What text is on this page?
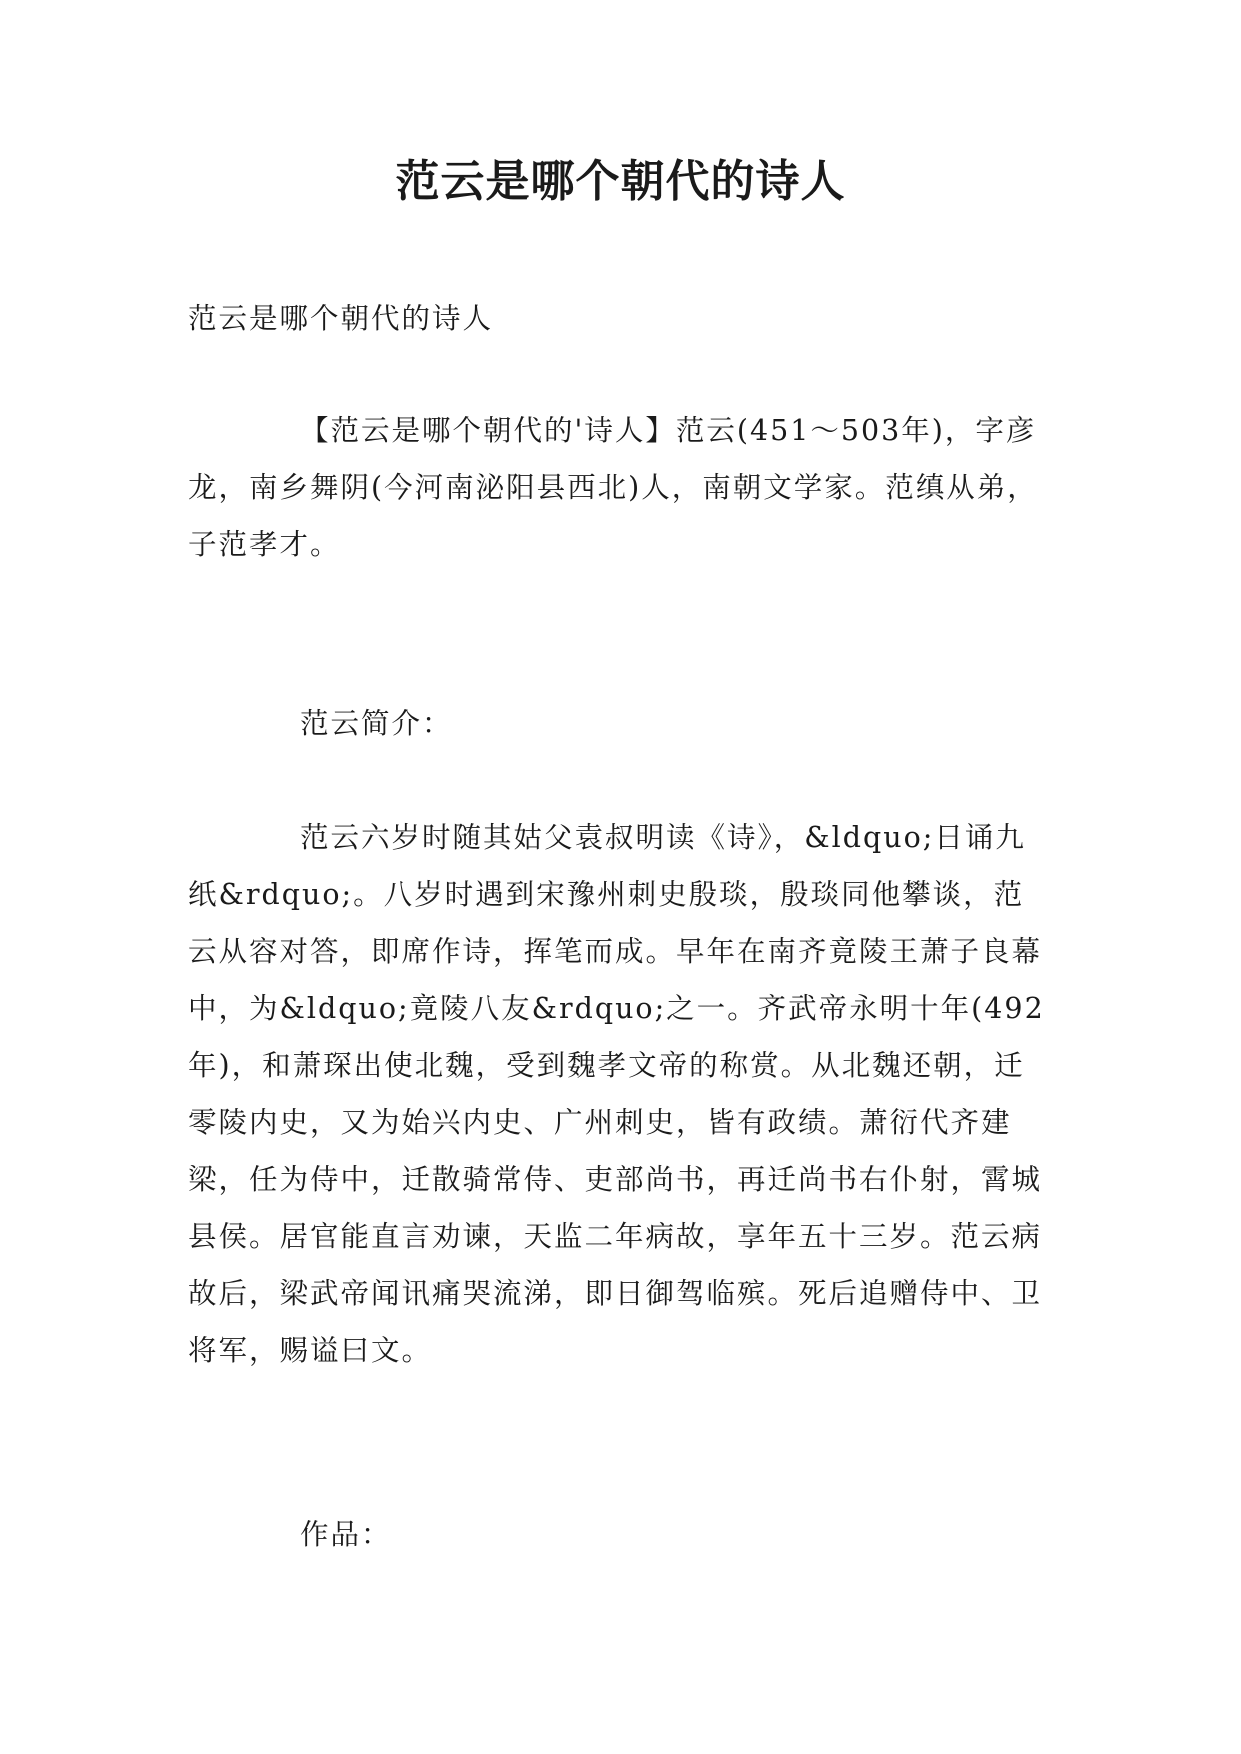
范云是哪个朝代的诗人

范云是哪个朝代的诗人

【范云是哪个朝代的'诗人】范云(451～503年)，字彦龙，南乡舞阴(今河南泌阳县西北)人，南朝文学家。范缜从弟，子范孝才。

范云简介：

范云六岁时随其姑父袁叔明读《诗》，&ldquo;日诵九纸&rdquo;。八岁时遇到宋豫州刺史殷琰，殷琰同他攀谈，范云从容对答，即席作诗，挥笔而成。早年在南齐竟陵王萧子良幕中，为&ldquo;竟陵八友&rdquo;之一。齐武帝永明十年(492年)，和萧琛出使北魏，受到魏孝文帝的称赏。从北魏还朝，迁零陵内史，又为始兴内史、广州刺史，皆有政绩。萧衍代齐建梁，任为侍中，迁散骑常侍、吏部尚书，再迁尚书右仆射，霄城县侯。居官能直言劝谏，天监二年病故，享年五十三岁。范云病故后，梁武帝闻讯痛哭流涕，即日御驾临殡。死后追赠侍中、卫将军，赐谥曰文。

作品：
